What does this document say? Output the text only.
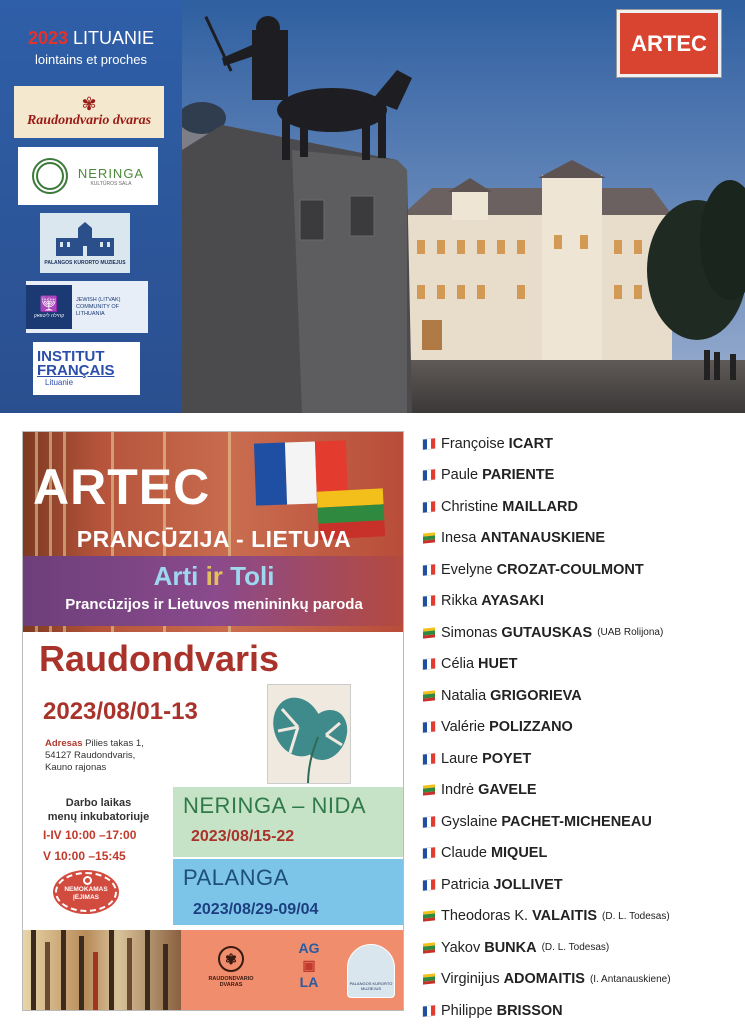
2023 LITUANIE
lointains et proches
✾
Raudondvario dvaras
NERINGA
KULTŪROS SALA
PALANGOS KURORTO MUZIEJUS
🕎
קהילה ליטוואק
JEWISH (LITVAK) COMMUNITY OF LITHUANIA
INSTITUT
FRANÇAIS
Lituanie
ARTEC
ARTEC
PRANCŪZIJA - LIETUVA
Arti ir Toli
Prancūzijos ir Lietuvos menininkų paroda
Raudondvaris
2023/08/01-13
Adresas Pilies takas 1,
54127 Raudondvaris,
Kauno rajonas
Darbo laikas
menų inkubatoriuje
I-IV 10:00 –17:00
V 10:00 –15:45
NEMOKAMAS
ĮĖJIMAS
NERINGA – NIDA
2023/08/15-22
PALANGA
2023/08/29-09/04
✾
RAUDONDVARIO DVARAS
AG
▣
LA	PALANGOS KURORTO MUZIEJUS
Françoise ICART
Paule PARIENTE
Christine MAILLARD
Inesa ANTANAUSKIENE
Evelyne CROZAT-COULMONT
Rikka AYASAKI
Simonas GUTAUSKAS (UAB Rolijona)
Célia HUET
Natalia GRIGORIEVA
Valérie POLIZZANO
Laure POYET
Indrė GAVELE
Gyslaine PACHET-MICHENEAU
Claude MIQUEL
Patricia JOLLIVET
Theodoras K. VALAITIS (D. L. Todesas)
Yakov BUNKA (D. L. Todesas)
Virginijus ADOMAITIS (I. Antanauskiene)
Philippe BRISSON
